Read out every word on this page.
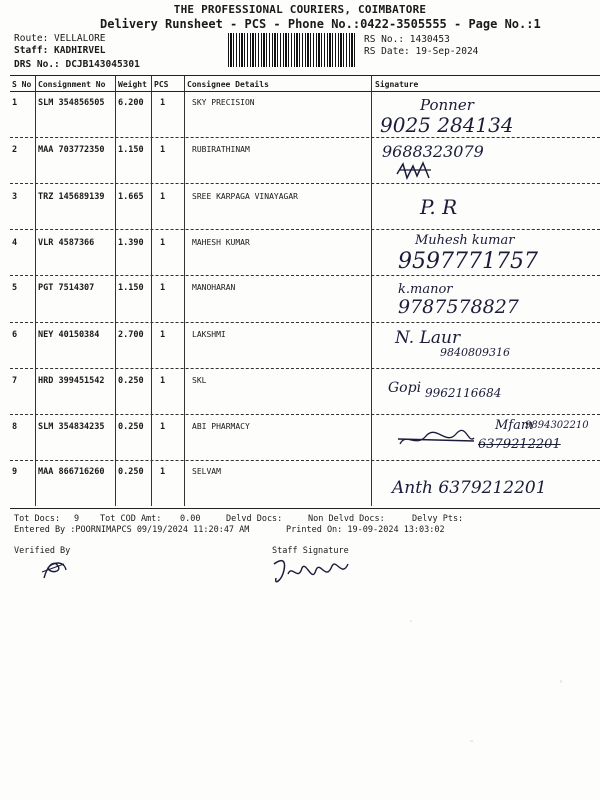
THE PROFESSIONAL COURIERS, COIMBATORE
Delivery Runsheet - PCS - Phone No.:0422-3505555 - Page No.:1
Route: VELLALORE
Staff: KADHIRVEL
DRS No.: DCJB143045301
RS No.: 1430453
RS Date: 19-Sep-2024
S No Consignment No Weight PCS Consignee Details	Signature
1 SLM 354856505 6.200 1	SKY PRECISION	Ponner
9025 284134
2 MAA 703772350 1.150 1	RUBIRATHINAM	9688323079
3 TRZ 145689139 1.665 1	SREE KARPAGA VINAYAGAR	P. R
4 VLR 4587366	1.390 1	MAHESH KUMAR	Muhesh kumar
9597771757
5 PGT 7514307	1.150 1	MANOHARAN	k.manor
9787578827
6 NEY 40150384 2.700 1	LAKSHMI	N. Laur
9840809316
7 HRD 399451542 0.250 1	SKL	Gopi 9962116684
8 SLM 354834235 0.250 1	ABI PHARMACY	Mfam
9894302210
6379212201
9 MAA 866716260 0.250 1	SELVAM
Anth 6379212201
Tot Docs: 9 Tot COD Amt: 0.00	Delvd Docs:	Non Delvd Docs:	Delvy Pts:
Entered By :POORNIMAPCS 09/19/2024 11:20:47 AM	Printed On: 19-09-2024 13:03:02
Verified By	Staff Signature
